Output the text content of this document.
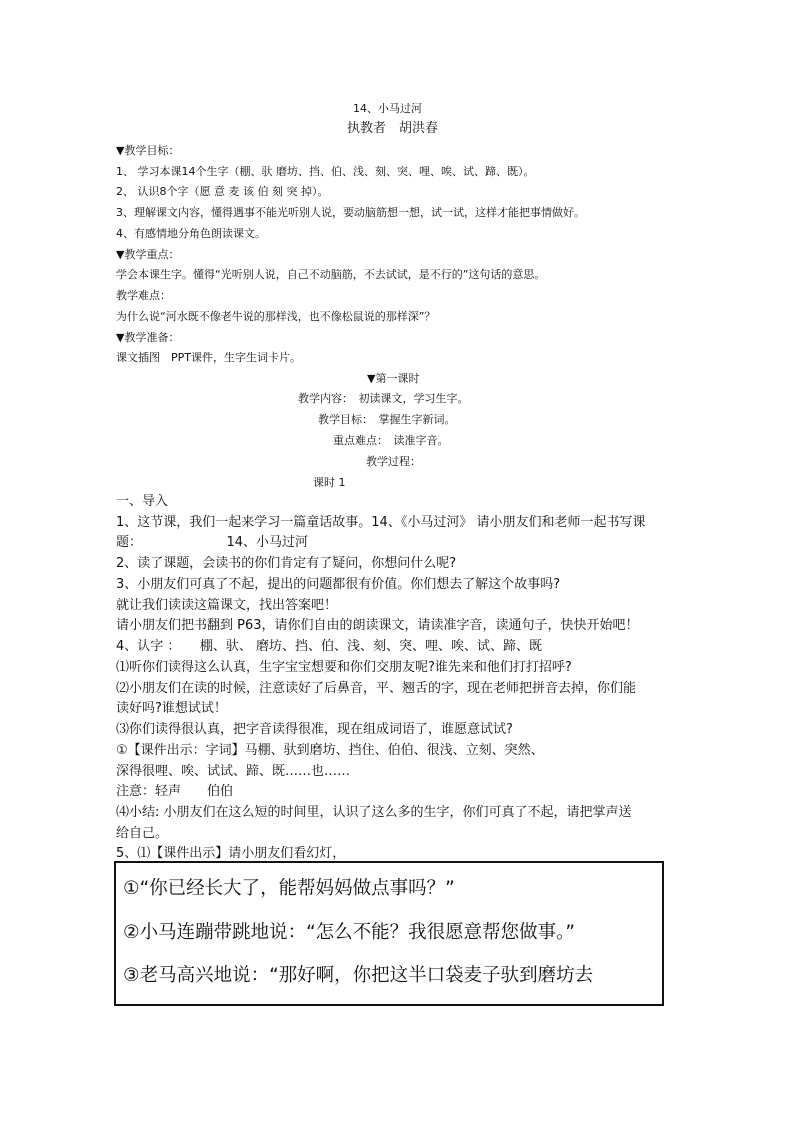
14、小马过河
执教者　胡洪春
▼教学目标：
1、 学习本课14个生字（棚、驮 磨坊、挡、伯、浅、刻、突、哩、唉、试、蹄、既）。
2、 认识8个字（愿 意 麦 该 伯 刻 突 掉）。
3、理解课文内容，懂得遇事不能光听别人说，要动脑筋想一想，试一试，这样才能把事情做好。
4、有感情地分角色朗读课文。
▼教学重点：
学会本课生字。懂得“光听别人说，自己不动脑筋，不去试试，是不行的”这句话的意思。
教学难点：
为什么说“河水既不像老牛说的那样浅，也不像松鼠说的那样深”？
▼教学准备：
课文插图　PPT课件，生字生词卡片。
▼第一课时
教学内容：　初读课文，学习生字。
教学目标：　掌握生字新词。
重点难点：　读准字音。
教学过程：
课时 1
一、导入
1、这节课，我们一起来学习一篇童话故事。14、《小马过河》 请小朋友们和老师一起书写课
题：　　　　　　　14、小马过河
2、读了课题，会读书的你们肯定有了疑问，你想问什么呢?
3、小朋友们可真了不起，提出的问题都很有价值。你们想去了解这个故事吗?
就让我们读读这篇课文，找出答案吧！
请小朋友们把书翻到 P63，请你们自由的朗读课文，请读准字音，读通句子，快快开始吧！
4、认字 ：　　棚、驮、 磨坊、挡、伯、浅、刻、突、哩、唉、试、蹄、既
⑴听你们读得这么认真，生字宝宝想要和你们交朋友呢?谁先来和他们打打招呼?
⑵小朋友们在读的时候，注意读好了后鼻音，平、翘舌的字，现在老师把拼音去掉，你们能
读好吗?谁想试试！
⑶你们读得很认真，把字音读得很准，现在组成词语了，谁愿意试试?
①【课件出示：字词】马棚、驮到磨坊、挡住、伯伯、很浅、立刻、突然、
深得很哩、唉、试试、蹄、既……也……
注意：轻声　　伯伯
⑷小结: 小朋友们在这么短的时间里，认识了这么多的生字，你们可真了不起，请把掌声送
给自己。
5、⑴【课件出示】请小朋友们看幻灯，
①“你已经长大了，能帮妈妈做点事吗？”
②小马连蹦带跳地说：“怎么不能？我很愿意帮您做事。”
③老马高兴地说：“那好啊，你把这半口袋麦子驮到磨坊去
